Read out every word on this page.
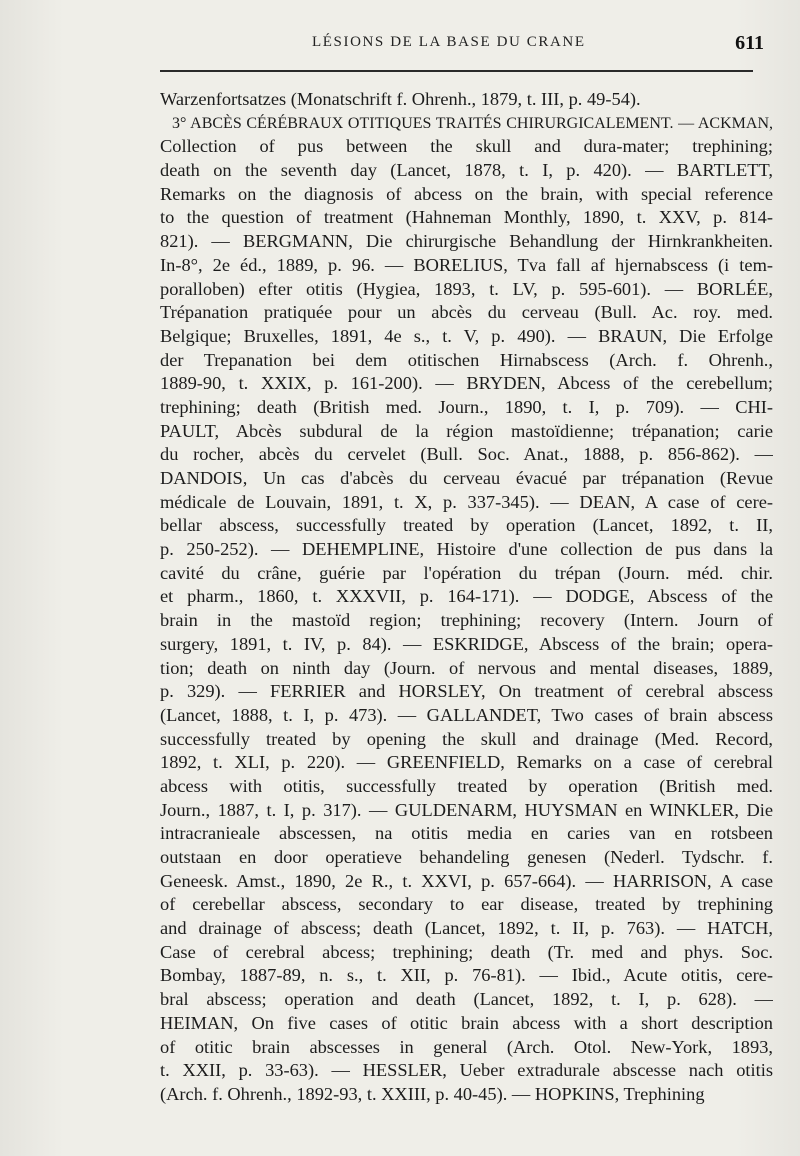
LÉSIONS DE LA BASE DU CRANE	611
Warzenfortsatzes (Monatschrift f. Ohrenh., 1879, t. III, p. 49-54).
3° ABCÈS CÉRÉBRAUX OTITIQUES TRAITÉS CHIRURGICALEMENT. — ACKMAN,
Collection of pus between the skull and dura-mater; trephining;
death on the seventh day (Lancet, 1878, t. I, p. 420). — BARTLETT,
Remarks on the diagnosis of abcess on the brain, with special reference
to the question of treatment (Hahneman Monthly, 1890, t. XXV, p. 814-
821). — BERGMANN, Die chirurgische Behandlung der Hirnkrankheiten.
In-8°, 2e éd., 1889, p. 96. — BORELIUS, Tva fall af hjernabscess (i tem-
poralloben) efter otitis (Hygiea, 1893, t. LV, p. 595-601). — BORLÉE,
Trépanation pratiquée pour un abcès du cerveau (Bull. Ac. roy. med.
Belgique; Bruxelles, 1891, 4e s., t. V, p. 490). — BRAUN, Die Erfolge
der Trepanation bei dem otitischen Hirnabscess (Arch. f. Ohrenh.,
1889-90, t. XXIX, p. 161-200). — BRYDEN, Abcess of the cerebellum;
trephining; death (British med. Journ., 1890, t. I, p. 709). — CHI-
PAULT, Abcès subdural de la région mastoïdienne; trépanation; carie
du rocher, abcès du cervelet (Bull. Soc. Anat., 1888, p. 856-862). —
DANDOIS, Un cas d'abcès du cerveau évacué par trépanation (Revue
médicale de Louvain, 1891, t. X, p. 337-345). — DEAN, A case of cere-
bellar abscess, successfully treated by operation (Lancet, 1892, t. II,
p. 250-252). — DEHEMPLINE, Histoire d'une collection de pus dans la
cavité du crâne, guérie par l'opération du trépan (Journ. méd. chir.
et pharm., 1860, t. XXXVII, p. 164-171). — DODGE, Abscess of the
brain in the mastoïd region; trephining; recovery (Intern. Journ of
surgery, 1891, t. IV, p. 84). — ESKRIDGE, Abscess of the brain; opera-
tion; death on ninth day (Journ. of nervous and mental diseases, 1889,
p. 329). — FERRIER and HORSLEY, On treatment of cerebral abscess
(Lancet, 1888, t. I, p. 473). — GALLANDET, Two cases of brain abscess
successfully treated by opening the skull and drainage (Med. Record,
1892, t. XLI, p. 220). — GREENFIELD, Remarks on a case of cerebral
abcess with otitis, successfully treated by operation (British med.
Journ., 1887, t. I, p. 317). — GULDENARM, HUYSMAN en WINKLER, Die
intracranieale abscessen, na otitis media en caries van en rotsbeen
outstaan en door operatieve behandeling genesen (Nederl. Tydschr. f.
Geneesk. Amst., 1890, 2e R., t. XXVI, p. 657-664). — HARRISON, A case
of cerebellar abscess, secondary to ear disease, treated by trephining
and drainage of abscess; death (Lancet, 1892, t. II, p. 763). — HATCH,
Case of cerebral abcess; trephining; death (Tr. med and phys. Soc.
Bombay, 1887-89, n. s., t. XII, p. 76-81). — Ibid., Acute otitis, cere-
bral abscess; operation and death (Lancet, 1892, t. I, p. 628). —
HEIMAN, On five cases of otitic brain abcess with a short description
of otitic brain abscesses in general (Arch. Otol. New-York, 1893,
t. XXII, p. 33-63). — HESSLER, Ueber extradurale abscesse nach otitis
(Arch. f. Ohrenh., 1892-93, t. XXIII, p. 40-45). — HOPKINS, Trephining
